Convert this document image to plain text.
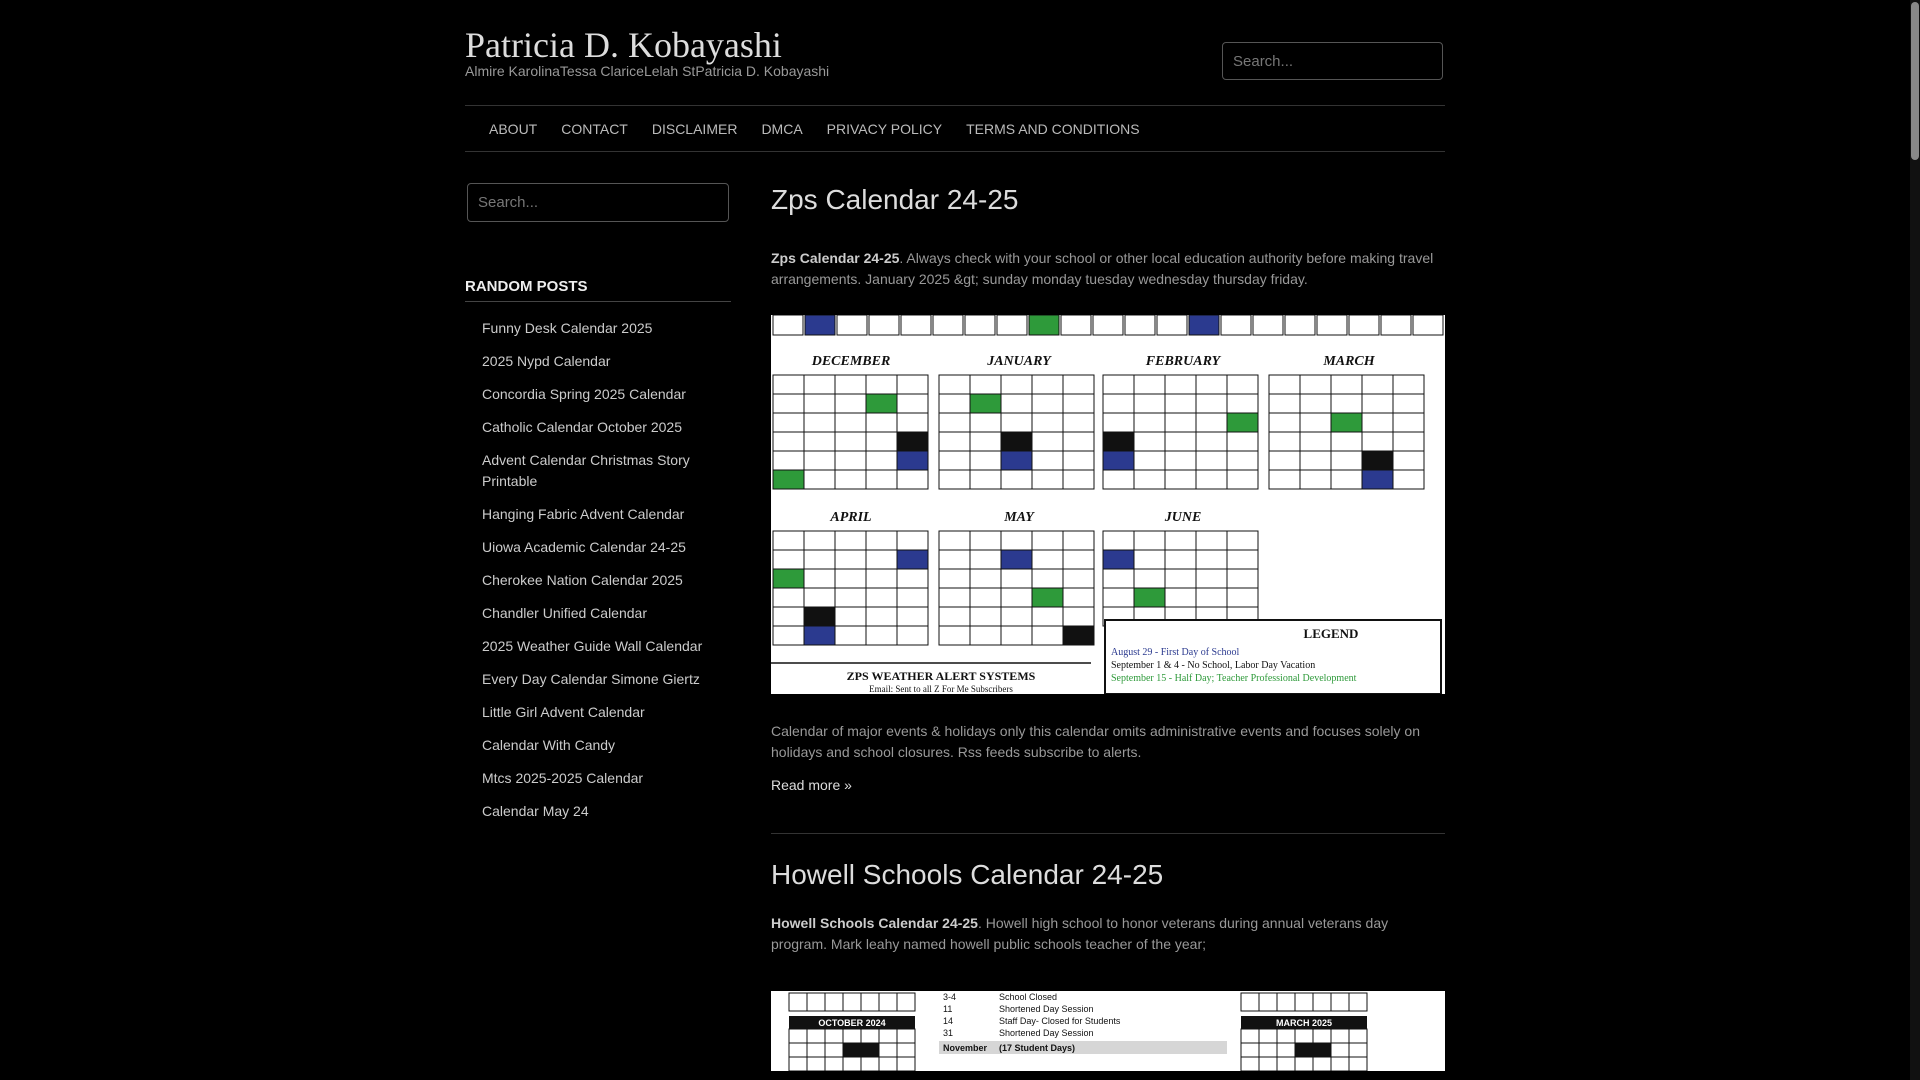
Patricia D. Kobayashi
Almire KarolinaTessa ClariceLelah StPatricia D. Kobayashi
Search...
ABOUT	CONTACT	DISCLAIMER	DMCA	PRIVACY POLICY	TERMS AND CONDITIONS
Search...
RANDOM POSTS
Funny Desk Calendar 2025
2025 Nypd Calendar
Concordia Spring 2025 Calendar
Catholic Calendar October 2025
Advent Calendar Christmas Story Printable
Hanging Fabric Advent Calendar
Uiowa Academic Calendar 24-25
Cherokee Nation Calendar 2025
Chandler Unified Calendar
2025 Weather Guide Wall Calendar
Every Day Calendar Simone Giertz
Little Girl Advent Calendar
Calendar With Candy
Mtcs 2025-2025 Calendar
Calendar May 24
Zps Calendar 24-25

Zps Calendar 24-25. Always check with your school or other local education authority before making travel arrangements. January 2025 &gt; sunday monday tuesday wednesday thursday friday.

DECEMBER	JANUARY	FEBRUARY	MARCH
APRIL	MAY	JUNE
LEGEND
August 29 - First Day of School
September 1 & 4 - No School, Labor Day Vacation
September 15 - Half Day; Teacher Professional Development
ZPS WEATHER ALERT SYSTEMS
Email: Sent to all Z For Me Subscribers

Calendar of major events & holidays only this calendar omits administrative events and focuses solely on holidays and school closures. Rss feeds subscribe to alerts.

Read more »
Howell Schools Calendar 24-25

Howell Schools Calendar 24-25. Howell high school to honor veterans during annual veterans day program. Mark leahy named howell public schools teacher of the year;

OCTOBER 2024	MARCH 2025
3-4	School Closed
11	Shortened Day Session
14	Staff Day- Closed for Students
31	Shortened Day Session
November (17 Student Days)
